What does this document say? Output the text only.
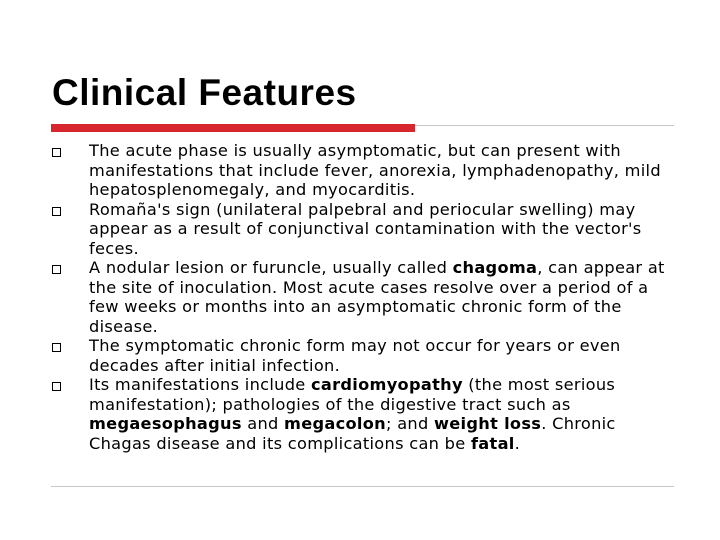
Clinical Features
The acute phase is usually asymptomatic, but can present with manifestations that include fever, anorexia, lymphadenopathy, mild hepatosplenomegaly, and myocarditis.
Romaña's sign (unilateral palpebral and periocular swelling) may appear as a result of conjunctival contamination with the vector's feces.
A nodular lesion or furuncle, usually called chagoma, can appear at the site of inoculation. Most acute cases resolve over a period of a few weeks or months into an asymptomatic chronic form of the disease.
The symptomatic chronic form may not occur for years or even decades after initial infection.
Its manifestations include cardiomyopathy (the most serious manifestation); pathologies of the digestive tract such as megaesophagus and megacolon; and weight loss. Chronic Chagas disease and its complications can be fatal.
